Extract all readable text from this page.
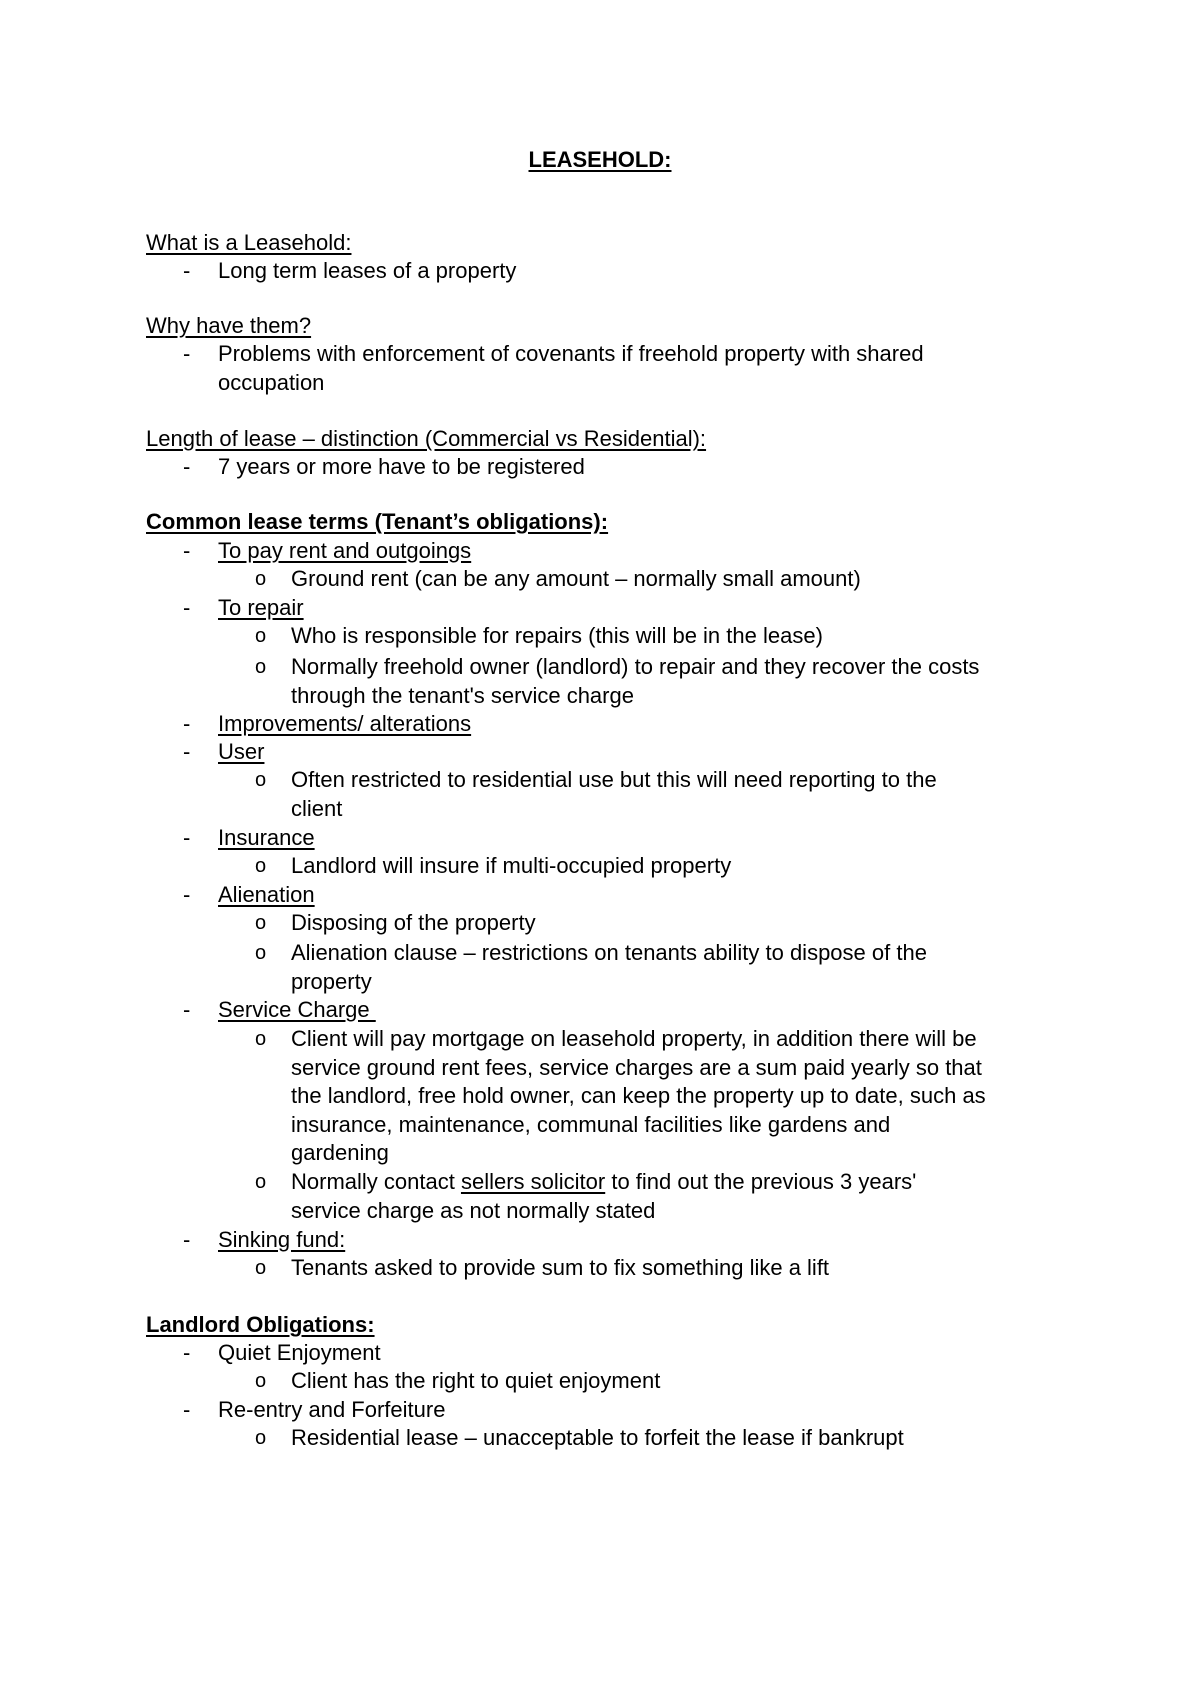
LEASEHOLD:
What is a Leasehold:
- Long term leases of a property
Why have them?
- Problems with enforcement of covenants if freehold property with shared
occupation
Length of lease – distinction (Commercial vs Residential):
- 7 years or more have to be registered
Common lease terms (Tenant’s obligations):
- To pay rent and outgoings
o Ground rent (can be any amount – normally small amount)
- To repair
o Who is responsible for repairs (this will be in the lease)
o Normally freehold owner (landlord) to repair and they recover the costs
through the tenant's service charge
- Improvements/ alterations
- User
o Often restricted to residential use but this will need reporting to the
client
- Insurance
o Landlord will insure if multi-occupied property
- Alienation
o Disposing of the property
o Alienation clause – restrictions on tenants ability to dispose of the
property
- Service Charge
o Client will pay mortgage on leasehold property, in addition there will be
service ground rent fees, service charges are a sum paid yearly so that
the landlord, free hold owner, can keep the property up to date, such as
insurance, maintenance, communal facilities like gardens and
gardening
o Normally contact sellers solicitor to find out the previous 3 years'
service charge as not normally stated
- Sinking fund:
o Tenants asked to provide sum to fix something like a lift
Landlord Obligations:
- Quiet Enjoyment
o Client has the right to quiet enjoyment
- Re-entry and Forfeiture
o Residential lease – unacceptable to forfeit the lease if bankrupt
